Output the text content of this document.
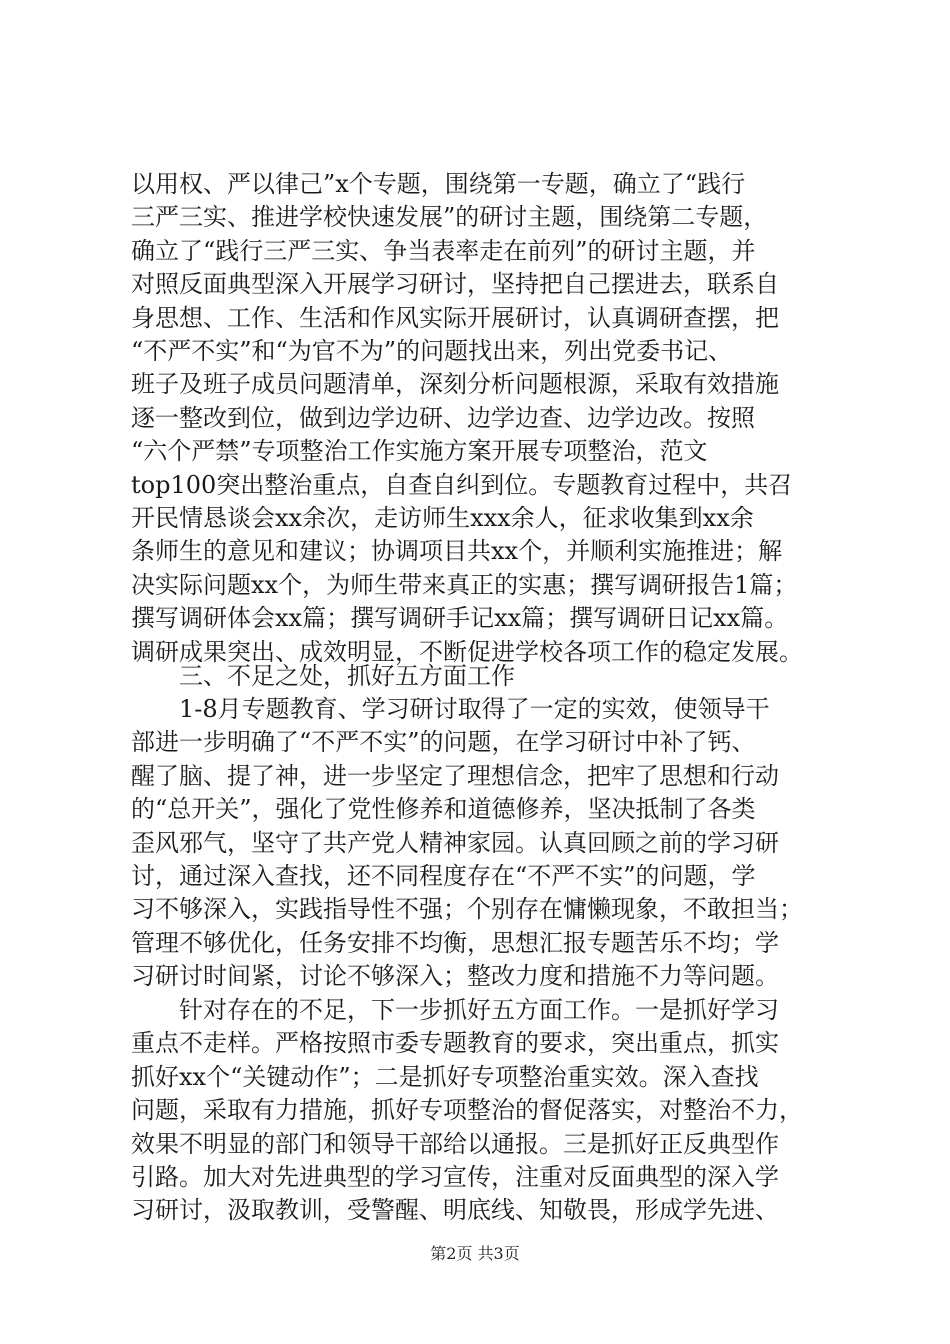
以用权、严以律己”x个专题，围绕第一专题，确立了“践行
三严三实、推进学校快速发展”的研讨主题，围绕第二专题，
确立了“践行三严三实、争当表率走在前列”的研讨主题，并
对照反面典型深入开展学习研讨，坚持把自己摆进去，联系自
身思想、工作、生活和作风实际开展研讨，认真调研查摆，把
“不严不实”和“为官不为”的问题找出来，列出党委书记、
班子及班子成员问题清单，深刻分析问题根源，采取有效措施
逐一整改到位，做到边学边研、边学边查、边学边改。按照
“六个严禁”专项整治工作实施方案开展专项整治，范文
top100突出整治重点，自查自纠到位。专题教育过程中，共召
开民情恳谈会xx余次，走访师生xxx余人，征求收集到xx余
条师生的意见和建议；协调项目共xx个，并顺利实施推进；解
决实际问题xx个，为师生带来真正的实惠；撰写调研报告1篇；
撰写调研体会xx篇；撰写调研手记xx篇；撰写调研日记xx篇。
调研成果突出、成效明显，不断促进学校各项工作的稳定发展。
三、不足之处，抓好五方面工作
1-8月专题教育、学习研讨取得了一定的实效，使领导干
部进一步明确了“不严不实”的问题，在学习研讨中补了钙、
醒了脑、提了神，进一步坚定了理想信念，把牢了思想和行动
的“总开关”，强化了党性修养和道德修养，坚决抵制了各类
歪风邪气，坚守了共产党人精神家园。认真回顾之前的学习研
讨，通过深入查找，还不同程度存在“不严不实”的问题，学
习不够深入，实践指导性不强；个别存在慵懒现象，不敢担当；
管理不够优化，任务安排不均衡，思想汇报专题苦乐不均；学
习研讨时间紧，讨论不够深入；整改力度和措施不力等问题。
针对存在的不足，下一步抓好五方面工作。一是抓好学习
重点不走样。严格按照市委专题教育的要求，突出重点，抓实
抓好xx个“关键动作”；二是抓好专项整治重实效。深入查找
问题，采取有力措施，抓好专项整治的督促落实，对整治不力，
效果不明显的部门和领导干部给以通报。三是抓好正反典型作
引路。加大对先进典型的学习宣传，注重对反面典型的深入学
习研讨，汲取教训，受警醒、明底线、知敬畏，形成学先进、
第2页 共3页
